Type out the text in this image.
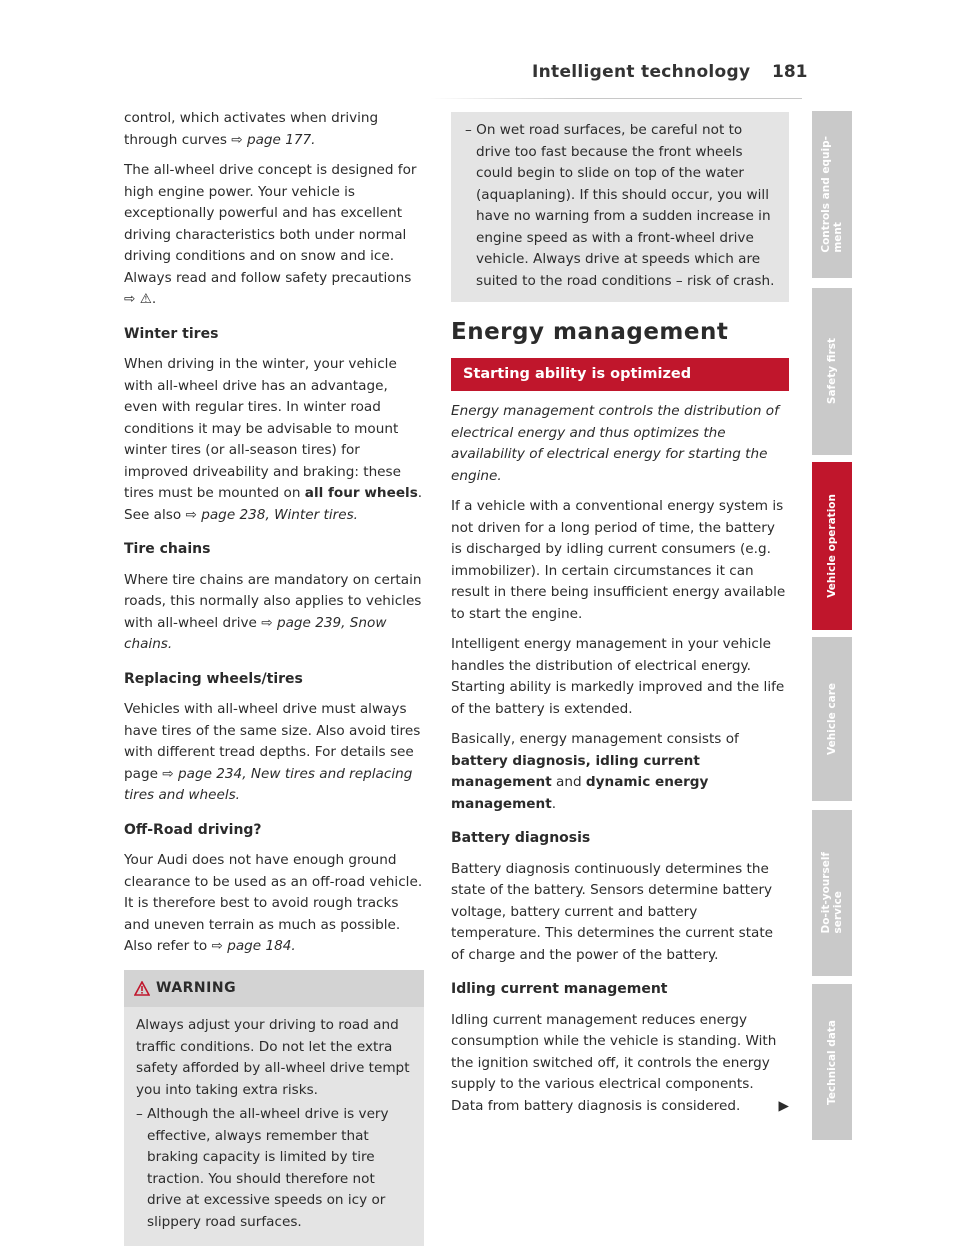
Intelligent technology 181

control, which activates when driving through curves ⇨ page 177.

The all-wheel drive concept is designed for high engine power. Your vehicle is exceptionally powerful and has excellent driving characteristics both under normal driving conditions and on snow and ice. Always read and follow safety precautions ⇨ ⚠.

Winter tires

When driving in the winter, your vehicle with all-wheel drive has an advantage, even with regular tires. In winter road conditions it may be advisable to mount winter tires (or all-season tires) for improved driveability and braking: these tires must be mounted on all four wheels. See also ⇨ page 238, Winter tires.

Tire chains

Where tire chains are mandatory on certain roads, this normally also applies to vehicles with all-wheel drive ⇨ page 239, Snow chains.

Replacing wheels/tires

Vehicles with all-wheel drive must always have tires of the same size. Also avoid tires with different tread depths. For details see page ⇨ page 234, New tires and replacing tires and wheels.

Off-Road driving?

Your Audi does not have enough ground clearance to be used as an off-road vehicle. It is therefore best to avoid rough tracks and uneven terrain as much as possible. Also refer to ⇨ page 184.

WARNING

Always adjust your driving to road and traffic conditions. Do not let the extra safety afforded by all-wheel drive tempt you into taking extra risks.

– Although the all-wheel drive is very effective, always remember that braking capacity is limited by tire traction. You should therefore not drive at excessive speeds on icy or slippery road surfaces.

– On wet road surfaces, be careful not to drive too fast because the front wheels could begin to slide on top of the water (aquaplaning). If this should occur, you will have no warning from a sudden increase in engine speed as with a front-wheel drive vehicle. Always drive at speeds which are suited to the road conditions – risk of crash.

Energy management
Starting ability is optimized

Energy management controls the distribution of electrical energy and thus optimizes the availability of electrical energy for starting the engine.

If a vehicle with a conventional energy system is not driven for a long period of time, the battery is discharged by idling current consumers (e.g. immobilizer). In certain circumstances it can result in there being insufficient energy available to start the engine.

Intelligent energy management in your vehicle handles the distribution of electrical energy. Starting ability is markedly improved and the life of the battery is extended.

Basically, energy management consists of battery diagnosis, idling current management and dynamic energy management.

Battery diagnosis

Battery diagnosis continuously determines the state of the battery. Sensors determine battery voltage, battery current and battery temperature. This determines the current state of charge and the power of the battery.

Idling current management

Idling current management reduces energy consumption while the vehicle is standing. With the ignition switched off, it controls the energy supply to the various electrical components. Data from battery diagnosis is considered.	▶

Controls and equip-
ment
Safety first
Vehicle operation
Vehicle care
Do-it-yourself
service
Technical data
